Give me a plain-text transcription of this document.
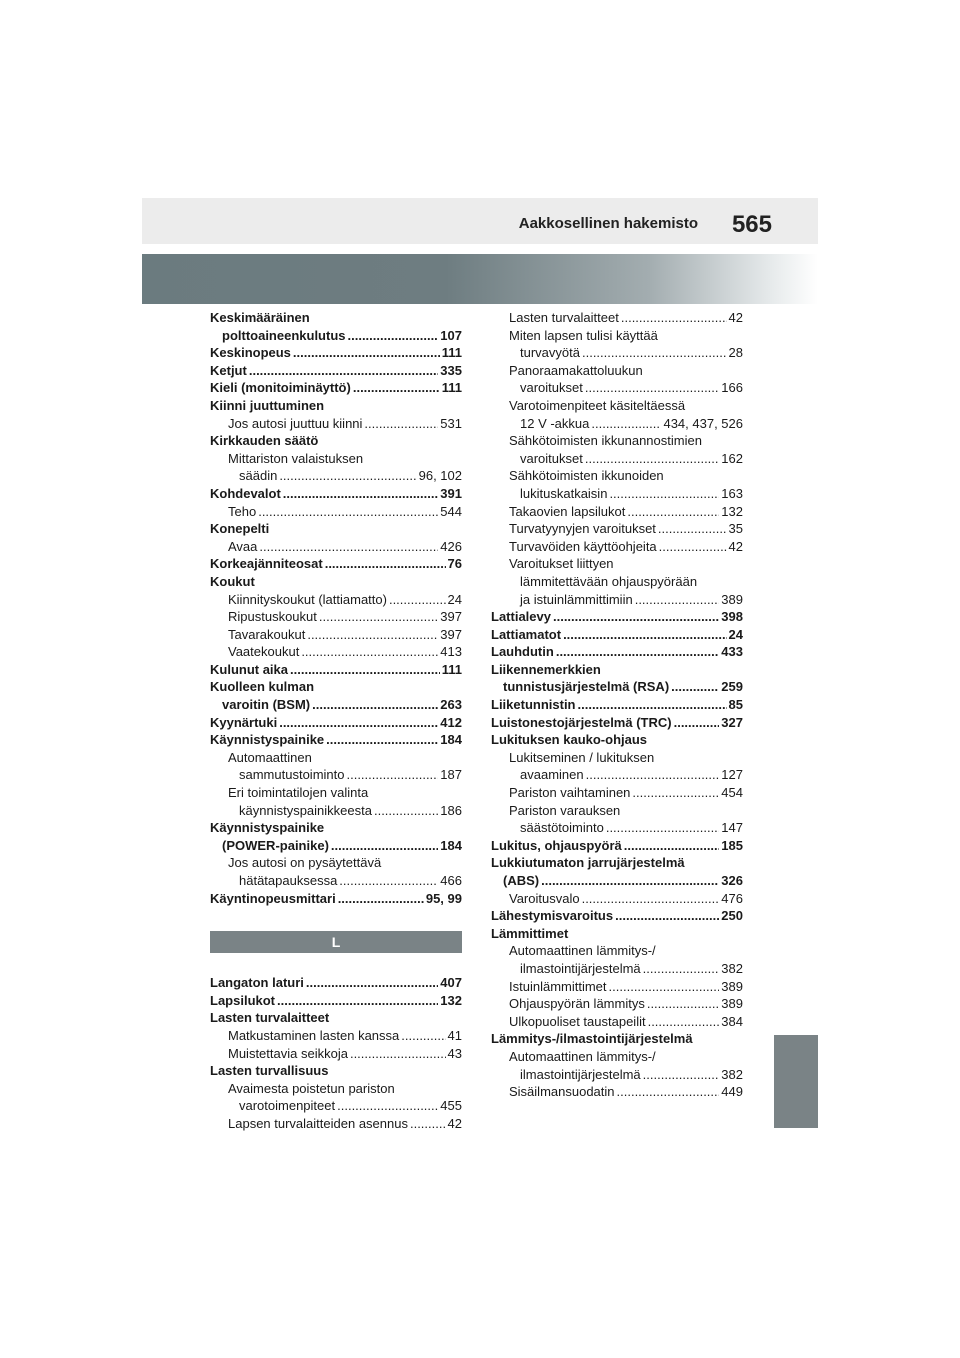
Aakkosellinen hakemisto 565
Keskimääräinen
polttoaineenkulutus .....	107
Keskinopeus .....	111
Ketjut .....	335
Kieli (monitoiminäyttö) .....	111
Kiinni juuttuminen
Jos autosi juuttuu kiinni .....	531
Kirkkauden säätö
Mittariston valaistuksen
säädin .....	96, 102
Kohdevalot .....	391
Teho .....	544
Konepelti
Avaa .....	426
Korkeajänniteosat .....	76
Koukut
Kiinnityskoukut (lattiamatto) .....	24
Ripustuskoukut .....	397
Tavarakoukut .....	397
Vaatekoukut .....	413
Kulunut aika .....	111
Kuolleen kulman
varoitin (BSM) .....	263
Kyynärtuki .....	412
Käynnistyspainike .....	184
Automaattinen
sammutustoiminto .....	187
Eri toimintatilojen valinta
käynnistyspainikkeesta .....	186
Käynnistyspainike
(POWER-painike) .....	184
Jos autosi on pysäytettävä
hätätapauksessa .....	466
Käyntinopeusmittari .....	95, 99
L
Langaton laturi .....	407
Lapsilukot .....	132
Lasten turvalaitteet
Matkustaminen lasten kanssa .....	41
Muistettavia seikkoja .....	43
Lasten turvallisuus
Avaimesta poistetun pariston
varotoimenpiteet .....	455
Lapsen turvalaitteiden asennus .....	42
Lasten turvalaitteet .....	42
Miten lapsen tulisi käyttää
turvavyötä .....	28
Panoraamakattoluukun
varoitukset .....	166
Varotoimenpiteet käsiteltäessä
12 V -akkua .....	434, 437, 526
Sähkötoimisten ikkunannostimien
varoitukset .....	162
Sähkötoimisten ikkunoiden
lukituskatkaisin .....	163
Takaovien lapsilukot .....	132
Turvatyynyjen varoitukset .....	35
Turvavöiden käyttöohjeita .....	42
Varoitukset liittyen
lämmitettävään ohjauspyörään
ja istuinlämmittimiin .....	389
Lattialevy .....	398
Lattiamatot .....	24
Lauhdutin .....	433
Liikennemerkkien
tunnistusjärjestelmä (RSA) .....	259
Liiketunnistin .....	85
Luistonestojärjestelmä (TRC) .....	327
Lukituksen kauko-ohjaus
Lukitseminen / lukituksen
avaaminen .....	127
Pariston vaihtaminen .....	454
Pariston varauksen
säästötoiminto .....	147
Lukitus, ohjauspyörä .....	185
Lukkiutumaton jarrujärjestelmä
(ABS) .....	326
Varoitusvalo .....	476
Lähestymisvaroitus .....	250
Lämmittimet
Automaattinen lämmitys-/
ilmastointijärjestelmä .....	382
Istuinlämmittimet .....	389
Ohjauspyörän lämmitys .....	389
Ulkopuoliset taustapeilit .....	384
Lämmitys-/ilmastointijärjestelmä
Automaattinen lämmitys-/
ilmastointijärjestelmä .....	382
Sisäilmansuodatin .....	449
